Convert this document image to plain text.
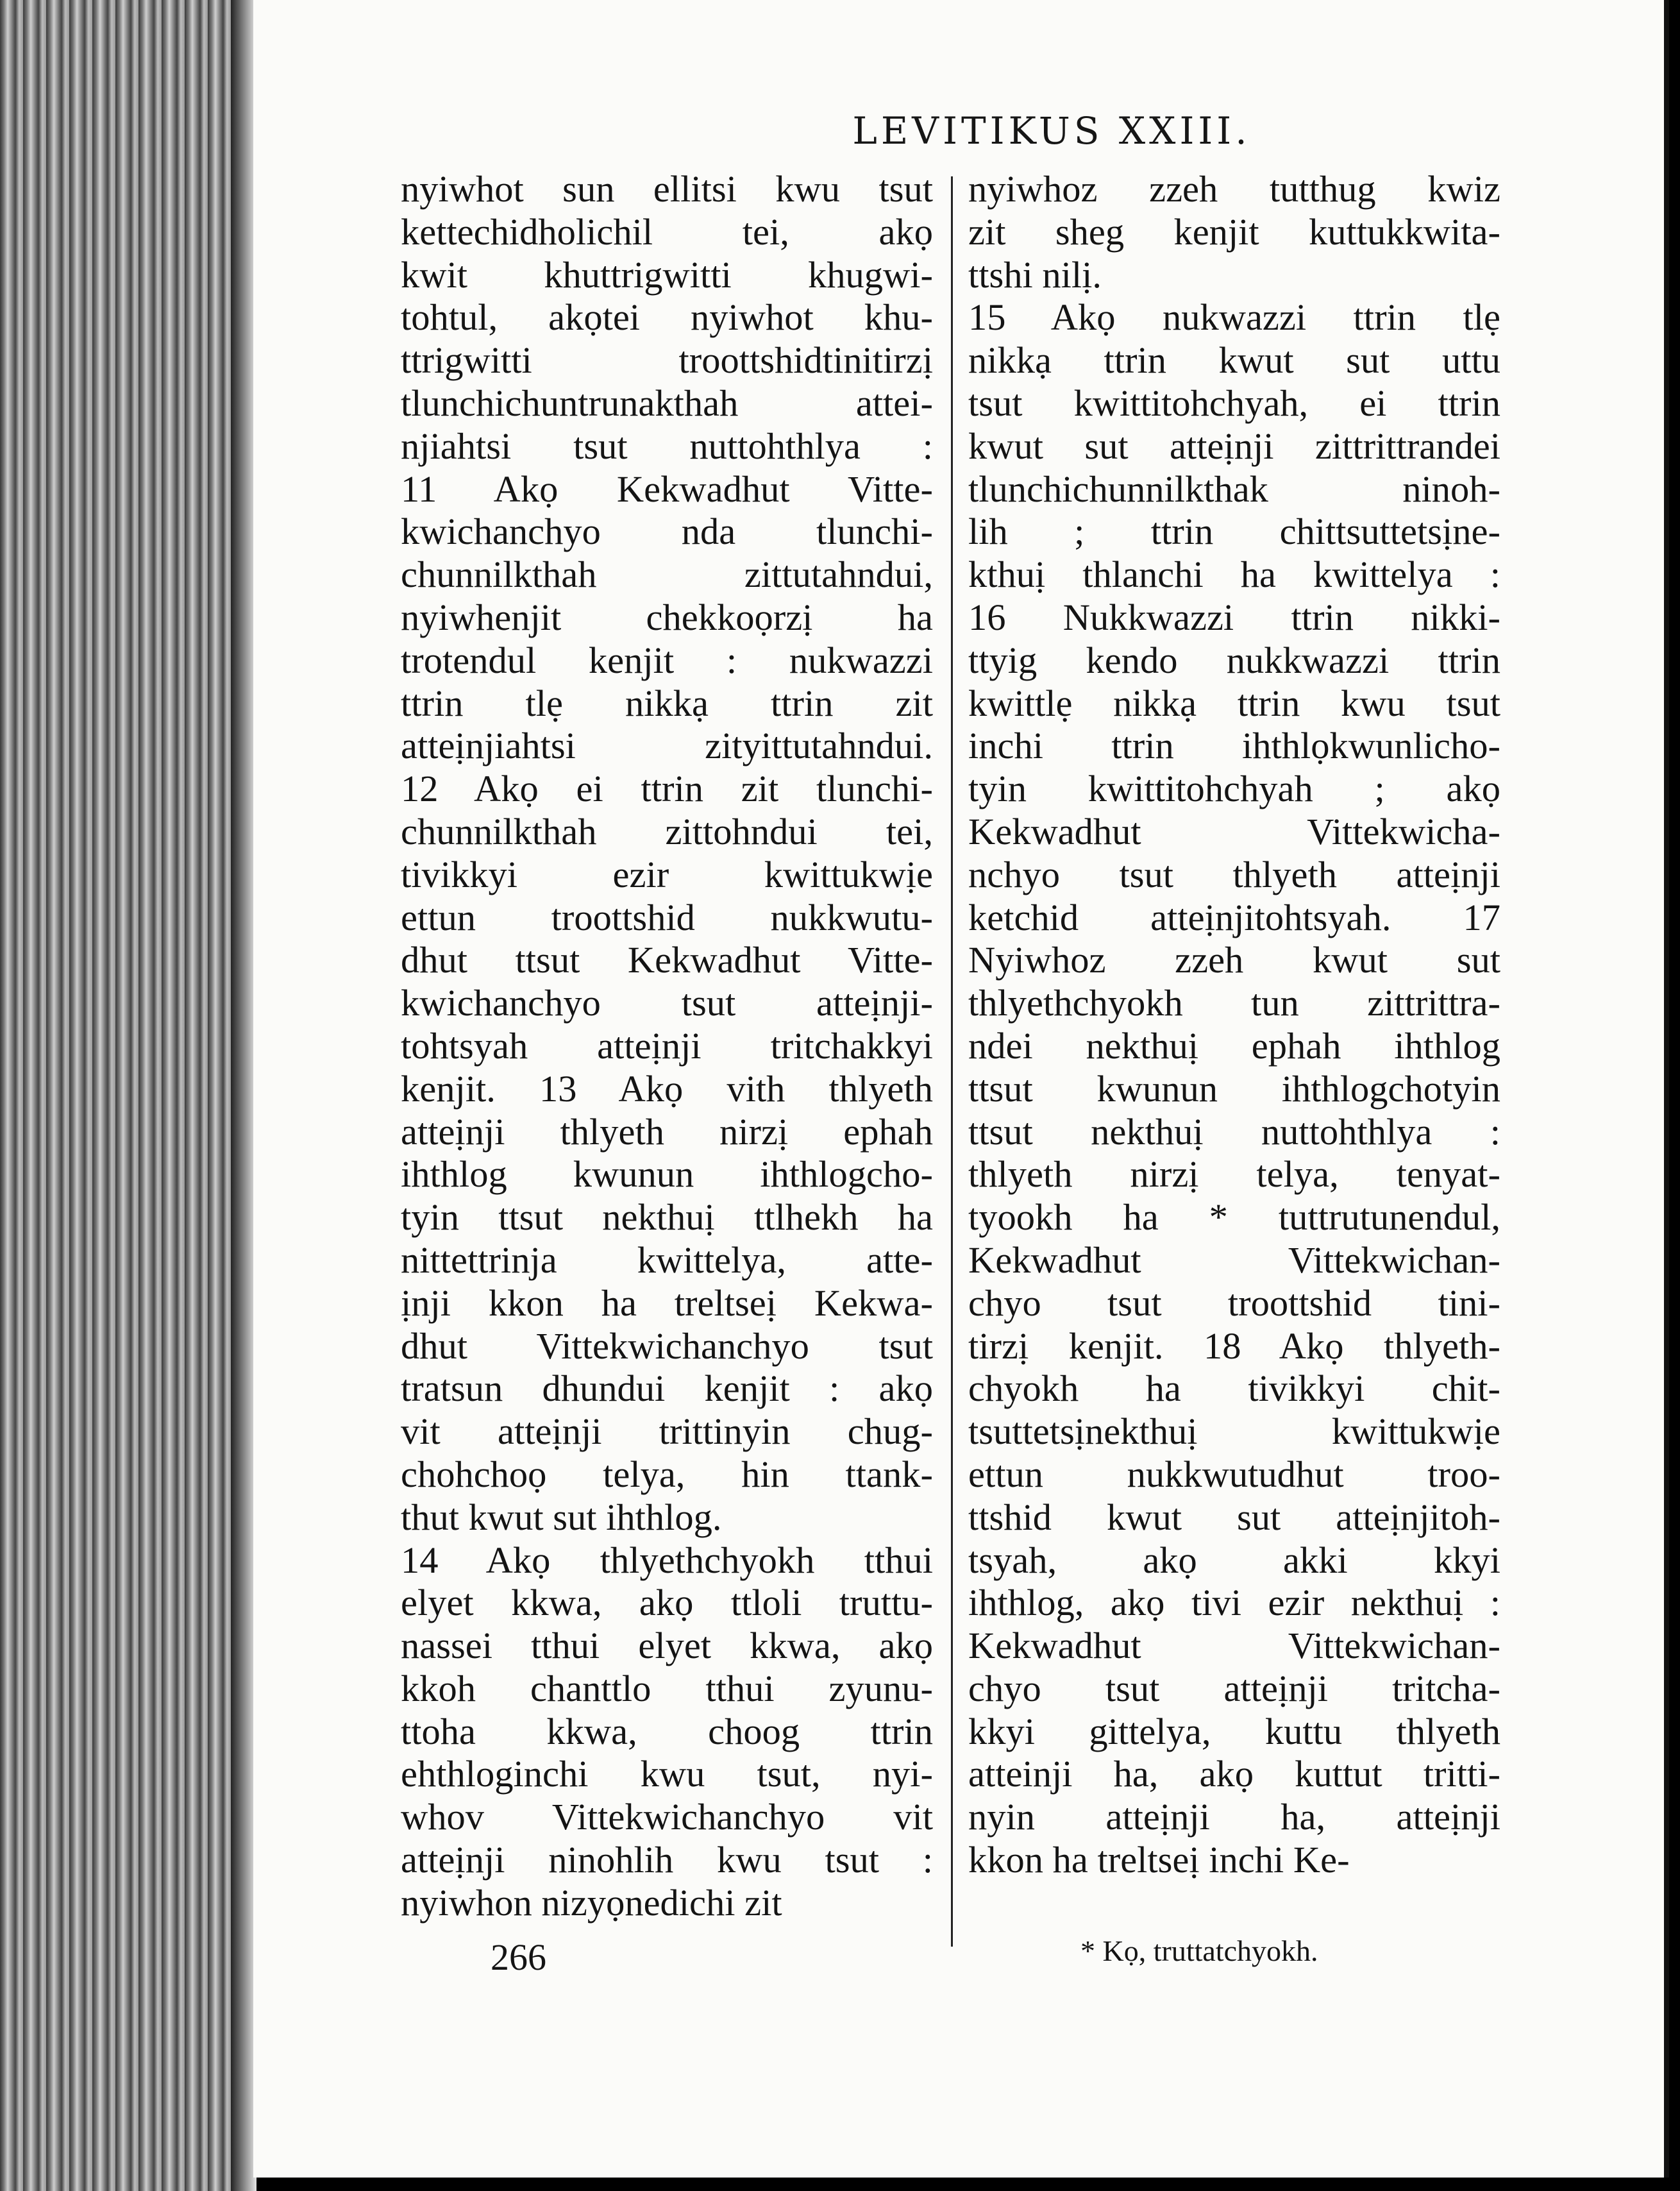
LEVITIKUS XXIII.
nyiwhot sun ellitsi kwu tsut
kettechidholichil tei, akọ
kwit khuttrigwitti khugwi-
tohtul, akọtei nyiwhot khu-
ttrigwitti troottshidtinitirzị
tlunchichuntrunakthah attei-
njiahtsi tsut nuttohthlya :
11 Akọ Kekwadhut Vitte-
kwichanchyo nda tlunchi-
chunnilkthah zittutahndui,
nyiwhenjit chekkoọrzị ha
trotendul kenjit : nukwazzi
ttrin tlẹ nikkạ ttrin zit
atteịnjiahtsi zityittutahndui.
12 Akọ ei ttrin zit tlunchi-
chunnilkthah zittohndui tei,
tivikkyi ezir kwittukwịe
ettun troottshid nukkwutu-
dhut ttsut Kekwadhut Vitte-
kwichanchyo tsut atteịnji-
tohtsyah atteịnji tritchakkyi
kenjit. 13 Akọ vith thlyeth
atteịnji thlyeth nirzị ephah
ihthlog kwunun ihthlogcho-
tyin ttsut nekthuị ttlhekh ha
nittettrinja kwittelya, atte-
ịnji kkon ha treltseị Kekwa-
dhut Vittekwichanchyo tsut
tratsun dhundui kenjit : akọ
vit atteịnji trittinyin chug-
chohchoọ telya, hin ttank-
thut kwut sut ihthlog.
14 Akọ thlyethchyokh tthui
elyet kkwa, akọ ttloli truttu-
nassei tthui elyet kkwa, akọ
kkoh chanttlo tthui zyunu-
ttoha kkwa, choog ttrin
ehthloginchi kwu tsut, nyi-
whov Vittekwichanchyo vit
atteịnji ninohlih kwu tsut :
nyiwhon nizyọnedichi zit
nyiwhoz zzeh tutthug kwiz
zit sheg kenjit kuttukkwita-
ttshi nilị.
15 Akọ nukwazzi ttrin tlẹ
nikkạ ttrin kwut sut uttu
tsut kwittitohchyah, ei ttrin
kwut sut atteịnji zittrittrandei
tlunchichunnilkthak ninoh-
lih ; ttrin chittsuttetsịne-
kthuị thlanchi ha kwittelya :
16 Nukkwazzi ttrin nikki-
ttyig kendo nukkwazzi ttrin
kwittlẹ nikkạ ttrin kwu tsut
inchi ttrin ihthlọkwunlicho-
tyin kwittitohchyah ; akọ
Kekwadhut Vittekwicha-
nchyo tsut thlyeth atteịnji
ketchid atteịnjitohtsyah. 17
Nyiwhoz zzeh kwut sut
thlyethchyokh tun zittrittra-
ndei nekthuị ephah ihthlog
ttsut kwunun ihthlogchotyin
ttsut nekthuị nuttohthlya :
thlyeth nirzị telya, tenyat-
tyookh ha * tuttrutunendul,
Kekwadhut Vittekwichan-
chyo tsut troottshid tini-
tirzị kenjit. 18 Akọ thlyeth-
chyokh ha tivikkyi chit-
tsuttetsịnekthuị kwittukwịe
ettun nukkwutudhut troo-
ttshid kwut sut atteịnjitoh-
tsyah, akọ akki kkyi
ihthlog, akọ tivi ezir nekthuị :
Kekwadhut Vittekwichan-
chyo tsut atteịnji tritcha-
kkyi gittelya, kuttu thlyeth
atteinji ha, akọ kuttut tritti-
nyin atteịnji ha, atteịnji
kkon ha treltseị inchi Ke-
266	* Kọ, truttatchyokh.
